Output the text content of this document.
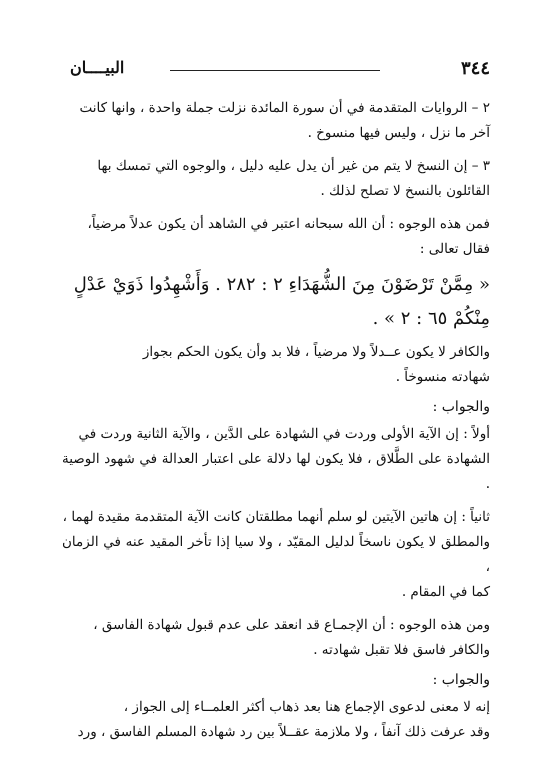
٣٤٤
البيــــان

٢ – الروايات المتقدمة في أن سورة المائدة نزلت جملة واحدة ، وانها كانت
آخر ما نزل ، وليس فيها منسوخ .

٣ – إن النسخ لا يتم من غير أن يدل عليه دليل ، والوجوه التي تمسك بها
القائلون بالنسخ لا تصلح لذلك .

فمن هذه الوجوه : أن الله سبحانه اعتبر في الشاهد أن يكون عدلاً مرضياً،
فقال تعالى :

« مِمَّنْ تَرْضَوْنَ مِنَ الشُّهَدَاءِ ٢ : ٢٨٢ . وَأَشْهِدُوا ذَوَيْ عَدْلٍ
مِنْكُمْ ٦٥ : ٢ » .

والكافر لا يكون عــدلاً ولا مرضياً ، فلا بد وأن يكون الحكم بجواز
شهادته منسوخاً .

والجواب :

أولاً : إن الآية الأولى وردت في الشهادة على الدَّين ، والآية الثانية وردت في
الشهادة على الطَّلاق ، فلا يكون لها دلالة على اعتبار العدالة في شهود الوصية .

ثانياً : إن هاتين الآيتين لو سلم أنهما مطلقتان كانت الآية المتقدمة مقيدة لهما ،
والمطلق لا يكون ناسخاً لدليل المقيّد ، ولا سيا إذا تأخر المقيد عنه في الزمان ،
كما في المقام .

ومن هذه الوجوه : أن الإجمـاع قد انعقد على عدم قبول شهادة الفاسق ،
والكافر فاسق فلا تقبل شهادته .

والجواب :

إنه لا معنى لدعوى الإجماع هنا بعد ذهاب أكثر العلمــاء إلى الجواز ،
وقد عرفت ذلك آنفاً ، ولا ملازمة عقــلاً بين رد شهادة المسلم الفاسق ، ورد
